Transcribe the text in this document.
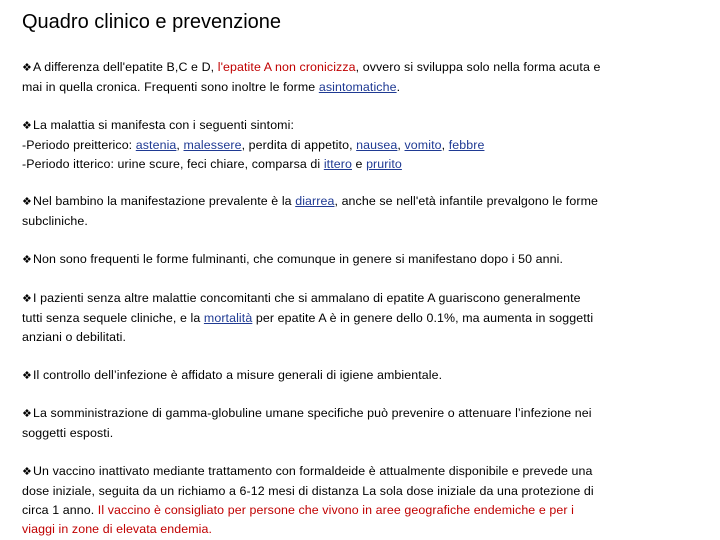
Quadro clinico e prevenzione
❖A differenza dell'epatite B,C e D, l'epatite A non cronicizza, ovvero si sviluppa solo nella forma acuta e
mai in quella cronica. Frequenti sono inoltre le forme asintomatiche.
❖La malattia si manifesta con i seguenti sintomi:
-Periodo preitterico: astenia, malessere, perdita di appetito, nausea, vomito, febbre
-Periodo itterico: urine scure, feci chiare, comparsa di ittero e prurito
❖Nel bambino la manifestazione prevalente è la diarrea, anche se nell'età infantile prevalgono le forme
subcliniche.
❖Non sono frequenti le forme fulminanti, che comunque in genere si manifestano dopo i 50 anni.
❖I pazienti senza altre malattie concomitanti che si ammalano di epatite A guariscono generalmente
tutti senza sequele cliniche, e la mortalità per epatite A è in genere dello 0.1%, ma aumenta in soggetti
anziani o debilitati.
❖Il controllo dell’infezione è affidato a misure generali di igiene ambientale.
❖La somministrazione di gamma-globuline umane specifiche può prevenire o attenuare l’infezione nei
soggetti esposti.
❖Un vaccino inattivato mediante trattamento con formaldeide è attualmente disponibile e prevede una
dose iniziale, seguita da un richiamo a 6-12 mesi di distanza La sola dose iniziale da una protezione di
circa 1 anno. Il vaccino è consigliato per persone che vivono in aree geografiche endemiche e per i
viaggi in zone di elevata endemia.
